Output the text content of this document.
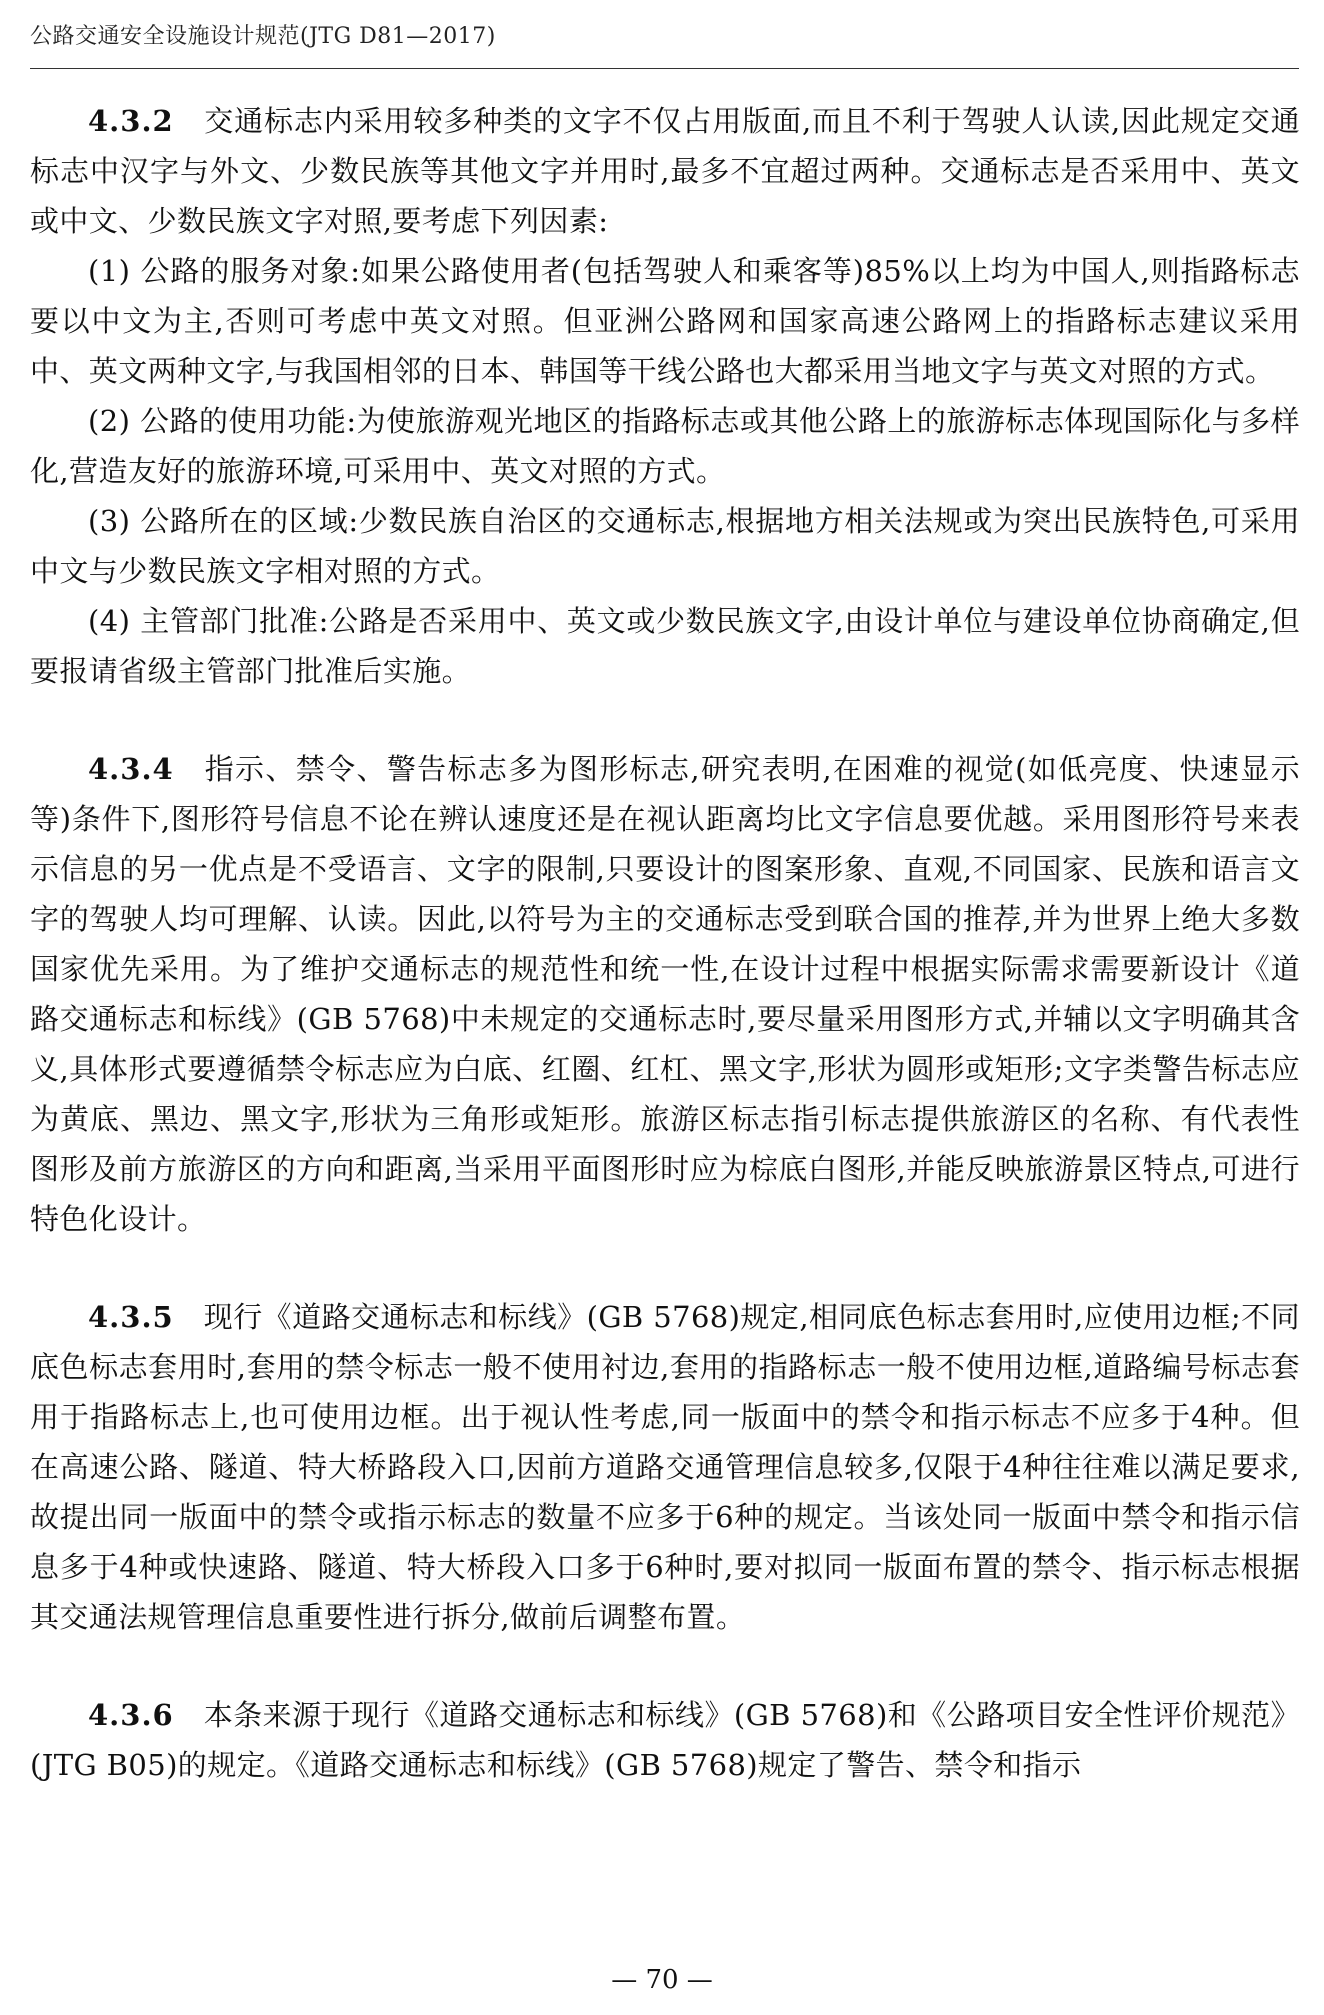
公路交通安全设施设计规范(JTG D81—2017)

4.3.2 交通标志内采用较多种类的文字不仅占用版面,而且不利于驾驶人认读,因此规定交通标志中汉字与外文、少数民族等其他文字并用时,最多不宜超过两种。交通标志是否采用中、英文或中文、少数民族文字对照,要考虑下列因素:

(1) 公路的服务对象:如果公路使用者(包括驾驶人和乘客等)85%以上均为中国人,则指路标志要以中文为主,否则可考虑中英文对照。但亚洲公路网和国家高速公路网上的指路标志建议采用中、英文两种文字,与我国相邻的日本、韩国等干线公路也大都采用当地文字与英文对照的方式。

(2) 公路的使用功能:为使旅游观光地区的指路标志或其他公路上的旅游标志体现国际化与多样化,营造友好的旅游环境,可采用中、英文对照的方式。

(3) 公路所在的区域:少数民族自治区的交通标志,根据地方相关法规或为突出民族特色,可采用中文与少数民族文字相对照的方式。

(4) 主管部门批准:公路是否采用中、英文或少数民族文字,由设计单位与建设单位协商确定,但要报请省级主管部门批准后实施。

4.3.4 指示、禁令、警告标志多为图形标志,研究表明,在困难的视觉(如低亮度、快速显示等)条件下,图形符号信息不论在辨认速度还是在视认距离均比文字信息要优越。采用图形符号来表示信息的另一优点是不受语言、文字的限制,只要设计的图案形象、直观,不同国家、民族和语言文字的驾驶人均可理解、认读。因此,以符号为主的交通标志受到联合国的推荐,并为世界上绝大多数国家优先采用。为了维护交通标志的规范性和统一性,在设计过程中根据实际需求需要新设计《道路交通标志和标线》(GB 5768)中未规定的交通标志时,要尽量采用图形方式,并辅以文字明确其含义,具体形式要遵循禁令标志应为白底、红圈、红杠、黑文字,形状为圆形或矩形;文字类警告标志应为黄底、黑边、黑文字,形状为三角形或矩形。旅游区标志指引标志提供旅游区的名称、有代表性图形及前方旅游区的方向和距离,当采用平面图形时应为棕底白图形,并能反映旅游景区特点,可进行特色化设计。

4.3.5 现行《道路交通标志和标线》(GB 5768)规定,相同底色标志套用时,应使用边框;不同底色标志套用时,套用的禁令标志一般不使用衬边,套用的指路标志一般不使用边框,道路编号标志套用于指路标志上,也可使用边框。出于视认性考虑,同一版面中的禁令和指示标志不应多于4种。但在高速公路、隧道、特大桥路段入口,因前方道路交通管理信息较多,仅限于4种往往难以满足要求,故提出同一版面中的禁令或指示标志的数量不应多于6种的规定。当该处同一版面中禁令和指示信息多于4种或快速路、隧道、特大桥段入口多于6种时,要对拟同一版面布置的禁令、指示标志根据其交通法规管理信息重要性进行拆分,做前后调整布置。

4.3.6 本条来源于现行《道路交通标志和标线》(GB 5768)和《公路项目安全性评价规范》(JTG B05)的规定。《道路交通标志和标线》(GB 5768)规定了警告、禁令和指示

— 70 —
